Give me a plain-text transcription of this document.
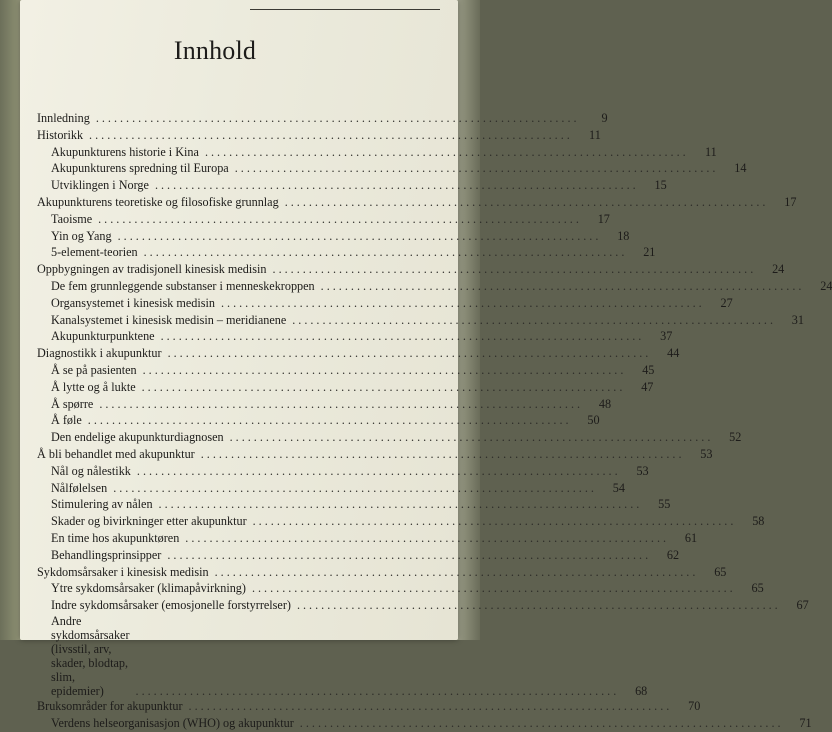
Innhold
Innledning ................................................................................	9
Historikk ................................................................................	11
Akupunkturens historie i Kina ................................................................................	11
Akupunkturens spredning til Europa ................................................................................	14
Utviklingen i Norge ................................................................................	15
Akupunkturens teoretiske og filosofiske grunnlag ................................................................................	17
Taoisme ................................................................................	17
Yin og Yang ................................................................................	18
5-element-teorien ................................................................................	21
Oppbygningen av tradisjonell kinesisk medisin ................................................................................	24
De fem grunnleggende substanser i menneskekroppen ................................................................................	24
Organsystemet i kinesisk medisin ................................................................................	27
Kanalsystemet i kinesisk medisin – meridianene ................................................................................	31
Akupunkturpunktene ................................................................................	37
Diagnostikk i akupunktur ................................................................................	44
Å se på pasienten ................................................................................	45
Å lytte og å lukte ................................................................................	47
Å spørre ................................................................................	48
Å føle ................................................................................	50
Den endelige akupunkturdiagnosen ................................................................................	52
Å bli behandlet med akupunktur ................................................................................	53
Nål og nålestikk ................................................................................	53
Nålfølelsen ................................................................................	54
Stimulering av nålen ................................................................................	55
Skader og bivirkninger etter akupunktur ................................................................................	58
En time hos akupunktøren ................................................................................	61
Behandlingsprinsipper ................................................................................	62
Sykdomsårsaker i kinesisk medisin ................................................................................	65
Ytre sykdomsårsaker (klimapåvirkning) ................................................................................	65
Indre sykdomsårsaker (emosjonelle forstyrrelser) ................................................................................	67
Andre sykdomsårsaker (livsstil, arv, skader, blodtap, slim, epidemier)	................................................................................	68
Bruksområder for akupunktur ................................................................................	70
Verdens helseorganisasjon (WHO) og akupunktur ................................................................................	71
